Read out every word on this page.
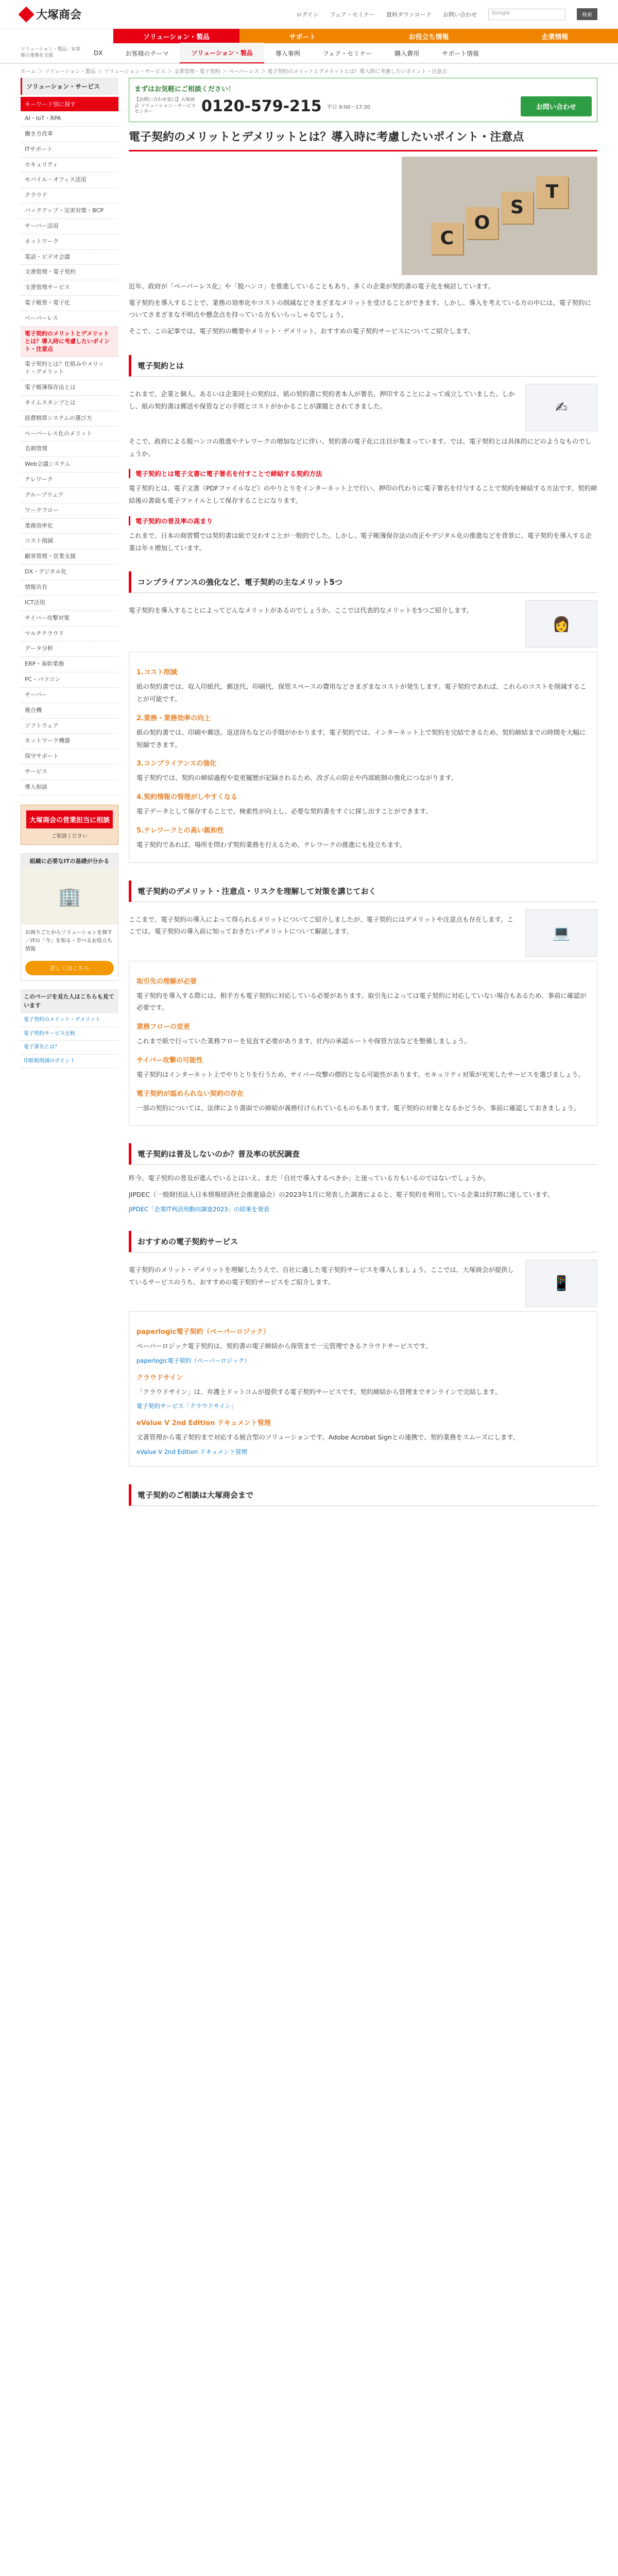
大塚商会	ログイン フェア・セミナー 資料ダウンロード お問い合わせ	Google	検索
ソリューション・製品	サポート	お役立ち情報	企業情報
ソリューション・製品／お客様の業務を支援	DX	お客様のテーマ	ソリューション・製品	導入事例	フェア・セミナー	購入費用	サポート情報
ホーム ＞ ソリューション・製品 ＞ ソリューション・サービス ＞ 文書管理・電子契約 ＞ ペーパーレス ＞ 電子契約のメリットとデメリットとは？導入時に考慮したいポイント・注意点
ソリューション・サービス
キーワード別に探す
AI・IoT・RPA
働き方改革
ITサポート
セキュリティ
モバイル・オフィス活用
クラウド
バックアップ・災害対策・BCP
サーバー活用
ネットワーク
電話・ビデオ会議
文書管理・電子契約
文書管理サービス
電子帳票・電子化
ペーパーレス
電子契約のメリットとデメリットとは？導入時に考慮したいポイント・注意点
電子契約とは？仕組みやメリット・デメリット
電子帳簿保存法とは
タイムスタンプとは
経費精算システムの選び方
ペーパーレス化のメリット
名刺管理
Web会議システム
テレワーク
グループウェア
ワークフロー
業務効率化
コスト削減
顧客管理・営業支援
DX・デジタル化
情報共有
ICT活用
サイバー攻撃対策
マルチクラウド
データ分析
ERP・基幹業務
PC・パソコン
サーバー
複合機
ソフトウェア
ネットワーク機器
保守サポート
サービス
導入相談
大塚商会の営業担当に相談
ご相談ください
組織に必要なITの基礎が分かる
🏢

お困りごとからソリューションを探す／ITの「今」を知る・学べるお役立ち情報

詳しくはこちら
このページを見た人はこちらも見ています
電子契約のメリット・デメリット
電子契約サービス比較
電子署名とは？
印紙税削減のポイント
まずはお気軽にご相談ください！
【お問い合わせ窓口】大塚商会 ソリューション・サービスセンター	0120-579-215 平日 9:00〜17:30	お問い合わせ
電子契約のメリットとデメリットとは？導入時に考慮したいポイント・注意点
C
O
S
T

近年、政府が「ペーパーレス化」や「脱ハンコ」を推進していることもあり、多くの企業が契約書の電子化を検討しています。

電子契約を導入することで、業務の効率化やコストの削減などさまざまなメリットを受けることができます。しかし、導入を考えている方の中には、電子契約についてさまざまな不明点や懸念点を持っている方もいらっしゃるでしょう。

そこで、この記事では、電子契約の概要やメリット・デメリット、おすすめの電子契約サービスについてご紹介します。

電子契約とは

これまで、企業と個人、あるいは企業同士の契約は、紙の契約書に契約者本人が署名、押印することによって成立していました。しかし、紙の契約書は郵送や保管などの手間とコストがかかることが課題とされてきました。	✍

そこで、政府による脱ハンコの推進やテレワークの増加などに伴い、契約書の電子化に注目が集まっています。では、電子契約とは具体的にどのようなものでしょうか。

電子契約とは電子文書に電子署名を付すことで締結する契約方法

電子契約とは、電子文書（PDFファイルなど）のやりとりをインターネット上で行い、押印の代わりに電子署名を付与することで契約を締結する方法です。契約締結後の書面も電子ファイルとして保存することになります。

電子契約の普及率の高まり

これまで、日本の商習慣では契約書は紙で交わすことが一般的でした。しかし、電子帳簿保存法の改正やデジタル化の推進などを背景に、電子契約を導入する企業は年々増加しています。

コンプライアンスの強化など、電子契約の主なメリット5つ

電子契約を導入することによってどんなメリットがあるのでしょうか。ここでは代表的なメリットを5つご紹介します。

👩
1.コスト削減

紙の契約書では、収入印紙代、郵送代、印刷代、保管スペースの費用などさまざまなコストが発生します。電子契約であれば、これらのコストを削減することが可能です。

2.業務・業務効率の向上

紙の契約書では、印刷や郵送、返送待ちなどの手間がかかります。電子契約では、インターネット上で契約を完結できるため、契約締結までの時間を大幅に短縮できます。

3.コンプライアンスの強化

電子契約では、契約の締結過程や変更履歴が記録されるため、改ざんの防止や内部統制の強化につながります。

4.契約情報の管理がしやすくなる

電子データとして保存することで、検索性が向上し、必要な契約書をすぐに探し出すことができます。

5.テレワークとの高い親和性

電子契約であれば、場所を問わず契約業務を行えるため、テレワークの推進にも役立ちます。

電子契約のデメリット・注意点・リスクを理解して対策を講じておく

ここまで、電子契約の導入によって得られるメリットについてご紹介しましたが、電子契約にはデメリットや注意点も存在します。ここでは、電子契約の導入前に知っておきたいデメリットについて解説します。	💻
取引先の理解が必要

電子契約を導入する際には、相手方も電子契約に対応している必要があります。取引先によっては電子契約に対応していない場合もあるため、事前に確認が必要です。

業務フローの変更

これまで紙で行っていた業務フローを見直す必要があります。社内の承認ルートや保管方法などを整備しましょう。

サイバー攻撃の可能性

電子契約はインターネット上でやりとりを行うため、サイバー攻撃の標的となる可能性があります。セキュリティ対策が充実したサービスを選びましょう。

電子契約が認められない契約の存在

一部の契約については、法律により書面での締結が義務付けられているものもあります。電子契約の対象となるかどうか、事前に確認しておきましょう。

電子契約は普及しないのか？普及率の状況調査

昨今、電子契約の普及が進んでいるとはいえ、まだ「自社で導入するべきか」と迷っている方もいるのではないでしょうか。

JIPDEC（一般財団法人日本情報経済社会推進協会）の2023年1月に発表した調査によると、電子契約を利用している企業は約7割に達しています。

JIPDEC「企業IT利活用動向調査2023」の結果を発表
おすすめの電子契約サービス

電子契約のメリット・デメリットを理解したうえで、自社に適した電子契約サービスを導入しましょう。ここでは、大塚商会が提供しているサービスのうち、おすすめの電子契約サービスをご紹介します。	📱
paperlogic電子契約（ペーパーロジック）

ペーパーロジック電子契約は、契約書の電子締結から保管まで一元管理できるクラウドサービスです。

paperlogic電子契約（ペーパーロジック）
クラウドサイン

「クラウドサイン」は、弁護士ドットコムが提供する電子契約サービスです。契約締結から管理までオンラインで完結します。

電子契約サービス「クラウドサイン」
eValue V 2nd Edition ドキュメント管理

文書管理から電子契約まで対応する統合型のソリューションです。Adobe Acrobat Signとの連携で、契約業務をスムーズにします。

eValue V 2nd Edition ドキュメント管理
電子契約のご相談は大塚商会まで
